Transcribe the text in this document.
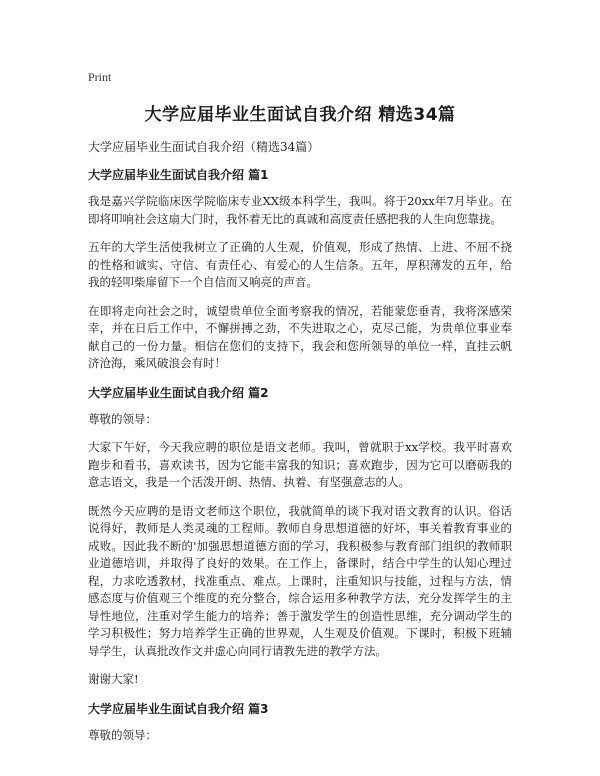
Print
大学应届毕业生面试自我介绍 精选34篇

大学应届毕业生面试自我介绍（精选34篇）

大学应届毕业生面试自我介绍 篇1

我是嘉兴学院临床医学院临床专业XX级本科学生，我叫。将于20xx年7月毕业。在即将叩响社会这扇大门时，我怀着无比的真诚和高度责任感把我的人生向您靠拢。

五年的大学生活使我树立了正确的人生观，价值观，形成了热情、上进、不屈不挠的性格和诚实、守信、有责任心、有爱心的人生信条。五年，厚积薄发的五年，给我的轻叩柴扉留下一个自信而又响亮的声音。

在即将走向社会之时，诚望贵单位全面考察我的情况，若能蒙您垂青，我将深感荣幸，并在日后工作中，不懈拼搏之劲，不失进取之心，克尽己能，为贵单位事业奉献自己的一份力量。相信在您们的支持下，我会和您所领导的单位一样，直挂云帆济沧海，乘风破浪会有时！

大学应届毕业生面试自我介绍 篇2

尊敬的领导：

大家下午好，今天我应聘的职位是语文老师。我叫，曾就职于xx学校。我平时喜欢跑步和看书，喜欢读书，因为它能丰富我的知识；喜欢跑步，因为它可以磨砺我的意志语文，我是一个活泼开朗、热情、执着、有坚强意志的人。

既然今天应聘的是语文老师这个职位，我就简单的谈下我对语文教育的认识。俗话说得好，教师是人类灵魂的工程师。教师自身思想道德的好坏，事关着教育事业的成败。因此我不断的'加强思想道德方面的学习，我积极参与教育部门组织的教师职业道德培训，并取得了良好的效果。在工作上，备课时，结合中学生的认知心理过程，力求吃透教材，找准重点、难点。上课时，注重知识与技能，过程与方法，情感态度与价值观三个维度的充分整合，综合运用多种教学方法，充分发挥学生的主导性地位，注重对学生能力的培养；善于激发学生的创造性思维，充分调动学生的学习积极性；努力培养学生正确的世界观，人生观及价值观。下课时，积极下班辅导学生，认真批改作文并虚心向同行请教先进的教学方法。

谢谢大家!

大学应届毕业生面试自我介绍 篇3

尊敬的领导：
